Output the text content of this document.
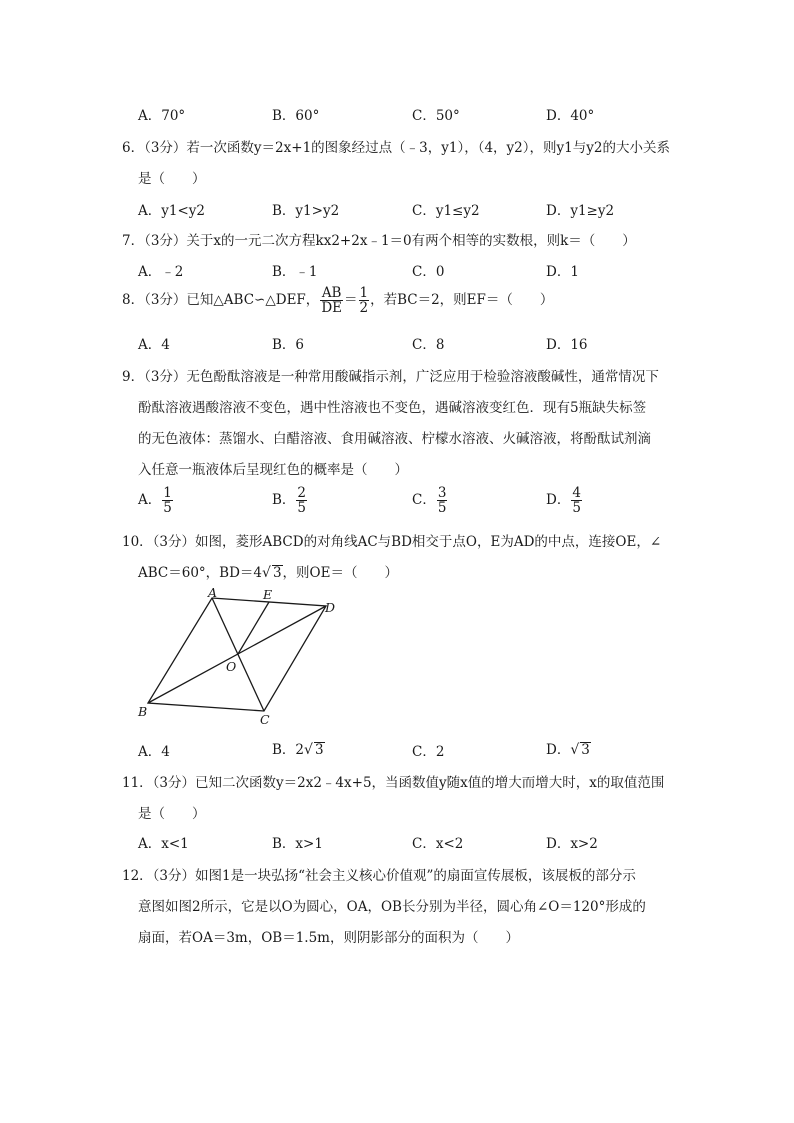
A．70°	B．60°	C．50°	D．40°
6．（3分）若一次函数y＝2x+1的图象经过点（﹣3，y1），（4，y2），则y1与y2的大小关系
是（　　）
A．y1<y2	B．y1>y2	C．y1≤y2	D．y1≥y2
7．（3分）关于x的一元二次方程kx2+2x﹣1＝0有两个相等的实数根，则k＝（　　）
A．﹣2	B．﹣1	C．0	D．1
8．（3分）已知△ABC∽△DEF， $\frac{AB}{DE} = \frac{1}{2}$ ，若BC＝2，则EF＝（　　）
A．4	B．6	C．8	D．16
9．（3分）无色酚酞溶液是一种常用酸碱指示剂，广泛应用于检验溶液酸碱性，通常情况下
酚酞溶液遇酸溶液不变色，遇中性溶液也不变色，遇碱溶液变红色．现有5瓶缺失标签
的无色液体：蒸馏水、白醋溶液、食用碱溶液、柠檬水溶液、火碱溶液，将酚酞试剂滴
入任意一瓶液体后呈现红色的概率是（　　）
A． $\frac{1}{5}$	B． $\frac{2}{5}$	C． $\frac{3}{5}$	D． $\frac{4}{5}$
10．（3分）如图，菱形ABCD的对角线AC与BD相交于点O，E为AD的中点，连接OE，∠
ABC＝60°，BD＝4√ 3，则OE＝（　　）
A	E
D
O
B
C
A．4	B．2√ 3	C．2	D．√ 3
11．（3分）已知二次函数y＝2x2﹣4x+5，当函数值y随x值的增大而增大时，x的取值范围
是（　　）
A．x<1	B．x>1	C．x<2	D．x>2
12．（3分）如图1是一块弘扬“社会主义核心价值观”的扇面宣传展板，该展板的部分示
意图如图2所示，它是以O为圆心，OA，OB长分别为半径，圆心角∠O＝120°形成的
扇面，若OA＝3m，OB＝1.5m，则阴影部分的面积为（　　）
